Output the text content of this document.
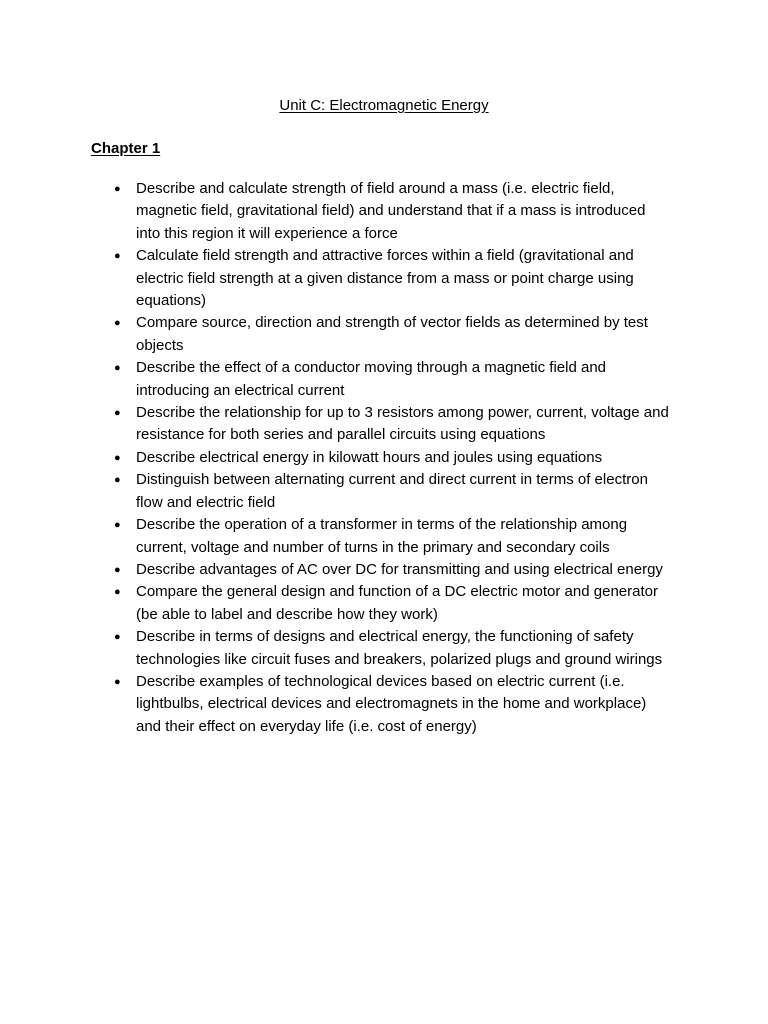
Unit C: Electromagnetic Energy
Chapter 1
● Describe and calculate strength of field around a mass (i.e. electric field, magnetic field, gravitational field) and understand that if a mass is introduced into this region it will experience a force
● Calculate field strength and attractive forces within a field (gravitational and electric field strength at a given distance from a mass or point charge using equations)
● Compare source, direction and strength of vector fields as determined by test objects
● Describe the effect of a conductor moving through a magnetic field and introducing an electrical current
● Describe the relationship for up to 3 resistors among power, current, voltage and resistance for both series and parallel circuits using equations
● Describe electrical energy in kilowatt hours and joules using equations
● Distinguish between alternating current and direct current in terms of electron flow and electric field
● Describe the operation of a transformer in terms of the relationship among current, voltage and number of turns in the primary and secondary coils
● Describe advantages of AC over DC for transmitting and using electrical energy
● Compare the general design and function of a DC electric motor and generator (be able to label and describe how they work)
● Describe in terms of designs and electrical energy, the functioning of safety technologies like circuit fuses and breakers, polarized plugs and ground wirings
● Describe examples of technological devices based on electric current (i.e. lightbulbs, electrical devices and electromagnets in the home and workplace) and their effect on everyday life (i.e. cost of energy)
